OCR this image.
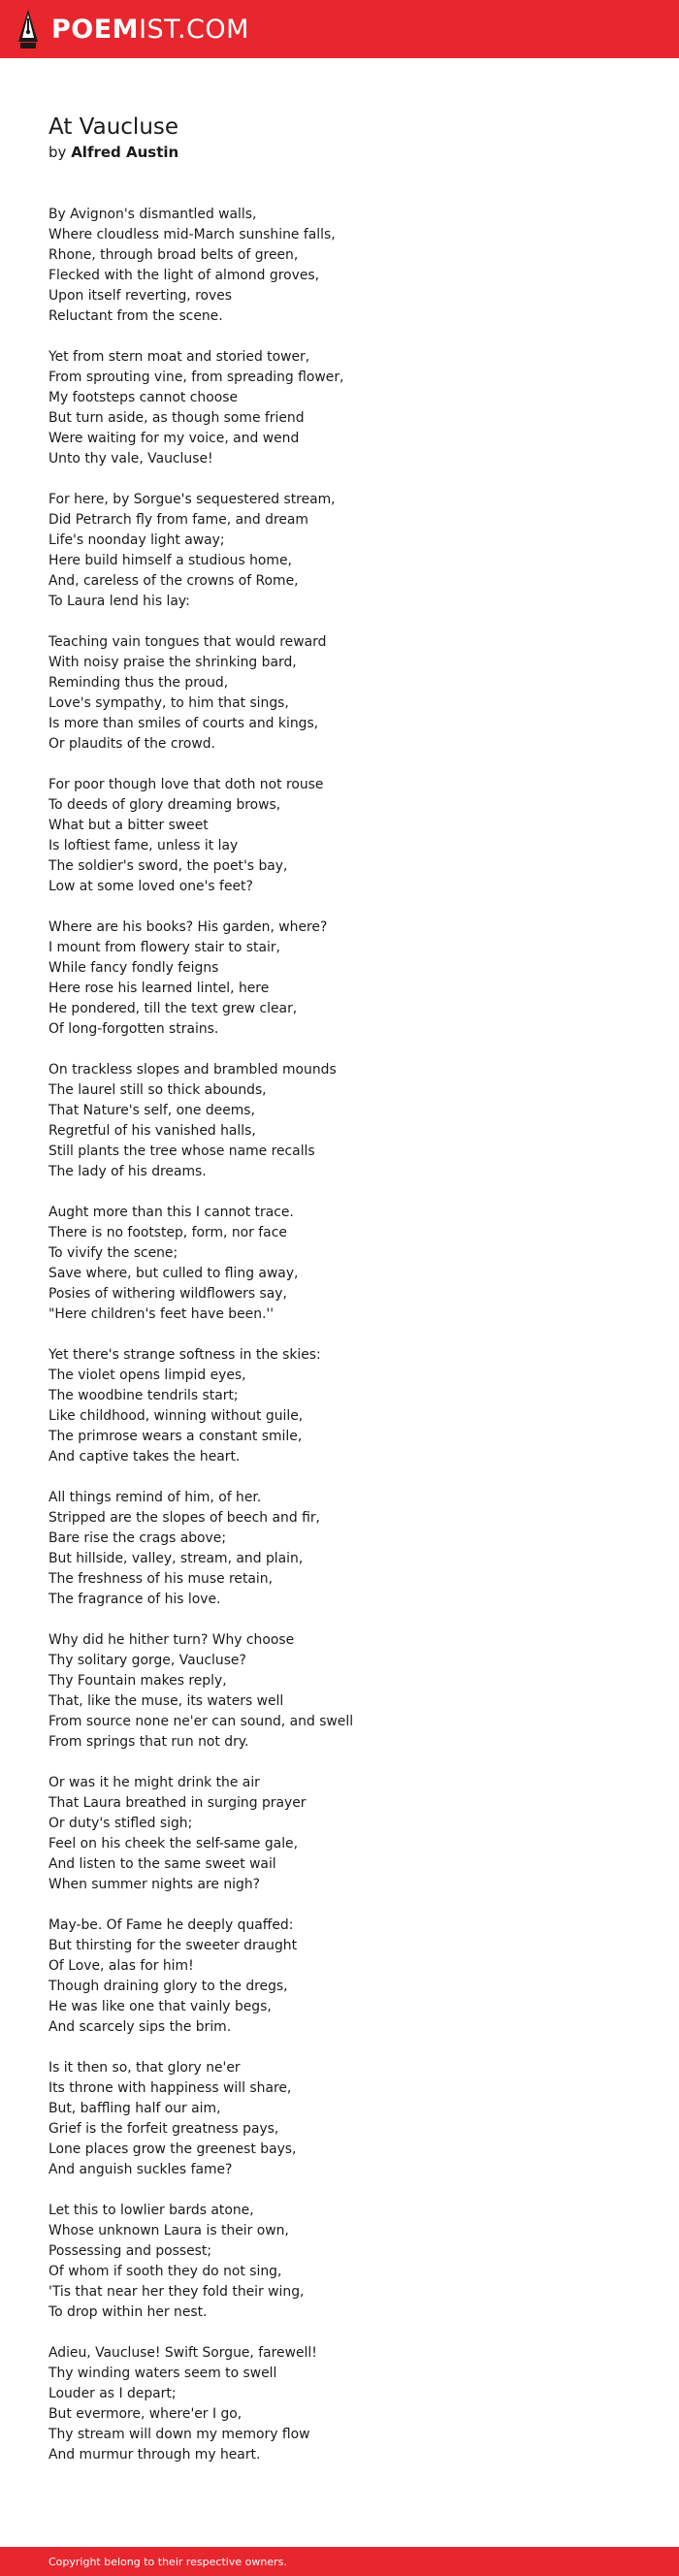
POEMIST.COM
At Vaucluse
by Alfred Austin

By Avignon's dismantled walls,
Where cloudless mid-March sunshine falls,
Rhone, through broad belts of green,
Flecked with the light of almond groves,
Upon itself reverting, roves
Reluctant from the scene.

Yet from stern moat and storied tower,
From sprouting vine, from spreading flower,
My footsteps cannot choose
But turn aside, as though some friend
Were waiting for my voice, and wend
Unto thy vale, Vaucluse!

For here, by Sorgue's sequestered stream,
Did Petrarch fly from fame, and dream
Life's noonday light away;
Here build himself a studious home,
And, careless of the crowns of Rome,
To Laura lend his lay:

Teaching vain tongues that would reward
With noisy praise the shrinking bard,
Reminding thus the proud,
Love's sympathy, to him that sings,
Is more than smiles of courts and kings,
Or plaudits of the crowd.

For poor though love that doth not rouse
To deeds of glory dreaming brows,
What but a bitter sweet
Is loftiest fame, unless it lay
The soldier's sword, the poet's bay,
Low at some loved one's feet?

Where are his books? His garden, where?
I mount from flowery stair to stair,
While fancy fondly feigns
Here rose his learned lintel, here
He pondered, till the text grew clear,
Of long-forgotten strains.

On trackless slopes and brambled mounds
The laurel still so thick abounds,
That Nature's self, one deems,
Regretful of his vanished halls,
Still plants the tree whose name recalls
The lady of his dreams.

Aught more than this I cannot trace.
There is no footstep, form, nor face
To vivify the scene;
Save where, but culled to fling away,
Posies of withering wildflowers say,
"Here children's feet have been.''

Yet there's strange softness in the skies:
The violet opens limpid eyes,
The woodbine tendrils start;
Like childhood, winning without guile,
The primrose wears a constant smile,
And captive takes the heart.

All things remind of him, of her.
Stripped are the slopes of beech and fir,
Bare rise the crags above;
But hillside, valley, stream, and plain,
The freshness of his muse retain,
The fragrance of his love.

Why did he hither turn? Why choose
Thy solitary gorge, Vaucluse?
Thy Fountain makes reply,
That, like the muse, its waters well
From source none ne'er can sound, and swell
From springs that run not dry.

Or was it he might drink the air
That Laura breathed in surging prayer
Or duty's stifled sigh;
Feel on his cheek the self-same gale,
And listen to the same sweet wail
When summer nights are nigh?

May-be. Of Fame he deeply quaffed:
But thirsting for the sweeter draught
Of Love, alas for him!
Though draining glory to the dregs,
He was like one that vainly begs,
And scarcely sips the brim.

Is it then so, that glory ne'er
Its throne with happiness will share,
But, baffling half our aim,
Grief is the forfeit greatness pays,
Lone places grow the greenest bays,
And anguish suckles fame?

Let this to lowlier bards atone,
Whose unknown Laura is their own,
Possessing and possest;
Of whom if sooth they do not sing,
'Tis that near her they fold their wing,
To drop within her nest.

Adieu, Vaucluse! Swift Sorgue, farewell!
Thy winding waters seem to swell
Louder as I depart;
But evermore, where'er I go,
Thy stream will down my memory flow
And murmur through my heart.

Copyright belong to their respective owners.
